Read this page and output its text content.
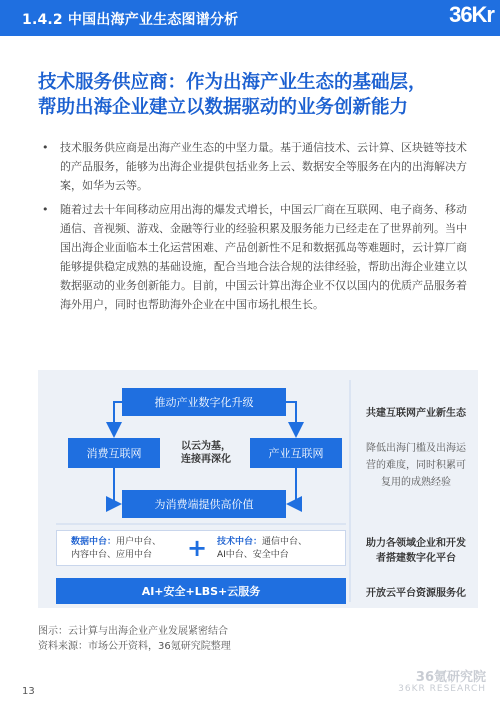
1.4.2 中国出海产业生态图谱分析	36Kr
技术服务供应商：作为出海产业生态的基础层，
帮助出海企业建立以数据驱动的业务创新能力
• 技术服务供应商是出海产业生态的中坚力量。基于通信技术、云计算、区块链等技术的产品服务，能够为出海企业提供包括业务上云、数据安全等服务在内的出海解决方案，如华为云等。
• 随着过去十年间移动应用出海的爆发式增长，中国云厂商在互联网、电子商务、移动通信、音视频、游戏、金融等行业的经验积累及服务能力已经走在了世界前列。当中国出海企业面临本土化运营困难、产品创新性不足和数据孤岛等难题时，云计算厂商能够提供稳定成熟的基础设施，配合当地合法合规的法律经验，帮助出海企业建立以数据驱动的业务创新能力。目前，中国云计算出海企业不仅以国内的优质产品服务着海外用户，同时也帮助海外企业在中国市场扎根生长。
推动产业数字化升级
消费互联网	产业互联网
为消费端提供高价值
以云为基，
连接再深化
共建互联网产业新生态
降低出海门槛及出海运
营的难度，同时积累可
复用的成熟经验
数据中台：用户中台、
内容中台、应用中台	+ 技术中台：通信中台、
AI中台、安全中台
助力各领域企业和开发
者搭建数字化平台
AI+安全+LBS+云服务	开放云平台资源服务化
图示：云计算与出海企业产业发展紧密结合
资料来源：市场公开资料，36氪研究院整理
13
36氪研究院
36KR RESEARCH
